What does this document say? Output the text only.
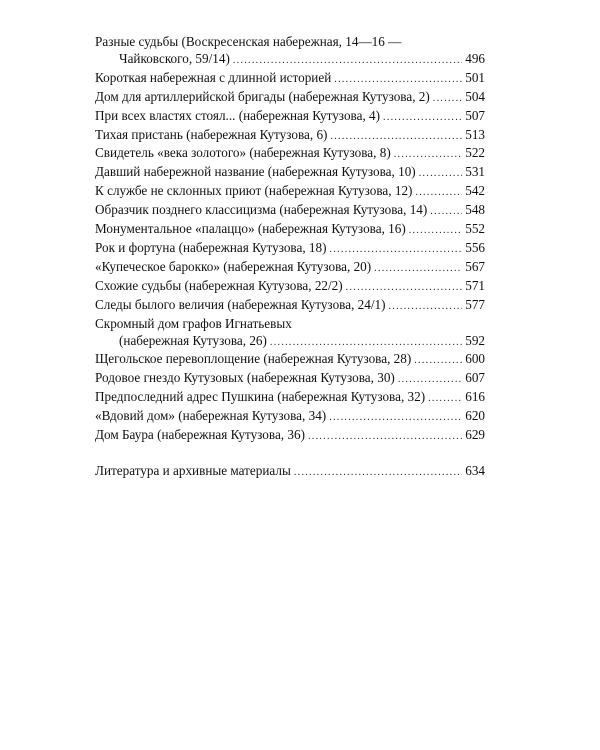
Разные судьбы (Воскресенская набережная, 14—16 —
Чайковского, 59/14) . . .	496
Короткая набережная с длинной историей . . .	501
Дом для артиллерийской бригады (набережная Кутузова, 2) . . .	504
При всех властях стоял... (набережная Кутузова, 4) . . .	507
Тихая пристань (набережная Кутузова, 6) . . .	513
Свидетель «века золотого» (набережная Кутузова, 8) . . .	522
Давший набережной название (набережная Кутузова, 10) . . .	531
К службе не склонных приют (набережная Кутузова, 12) . . .	542
Образчик позднего классицизма (набережная Кутузова, 14) . . .	548
Монументальное «палаццо» (набережная Кутузова, 16) . . .	552
Рок и фортуна (набережная Кутузова, 18) . . .	556
«Купеческое барокко» (набережная Кутузова, 20) . . .	567
Схожие судьбы (набережная Кутузова, 22/2) . . .	571
Следы былого величия (набережная Кутузова, 24/1) . . .	577
Скромный дом графов Игнатьевых
(набережная Кутузова, 26) . . .	592
Щегольское перевоплощение (набережная Кутузова, 28) . . .	600
Родовое гнездо Кутузовых (набережная Кутузова, 30) . . .	607
Предпоследний адрес Пушкина (набережная Кутузова, 32) . . .	616
«Вдовий дом» (набережная Кутузова, 34) . . .	620
Дом Баура (набережная Кутузова, 36) . . .	629
Литература и архивные материалы . . .	634
